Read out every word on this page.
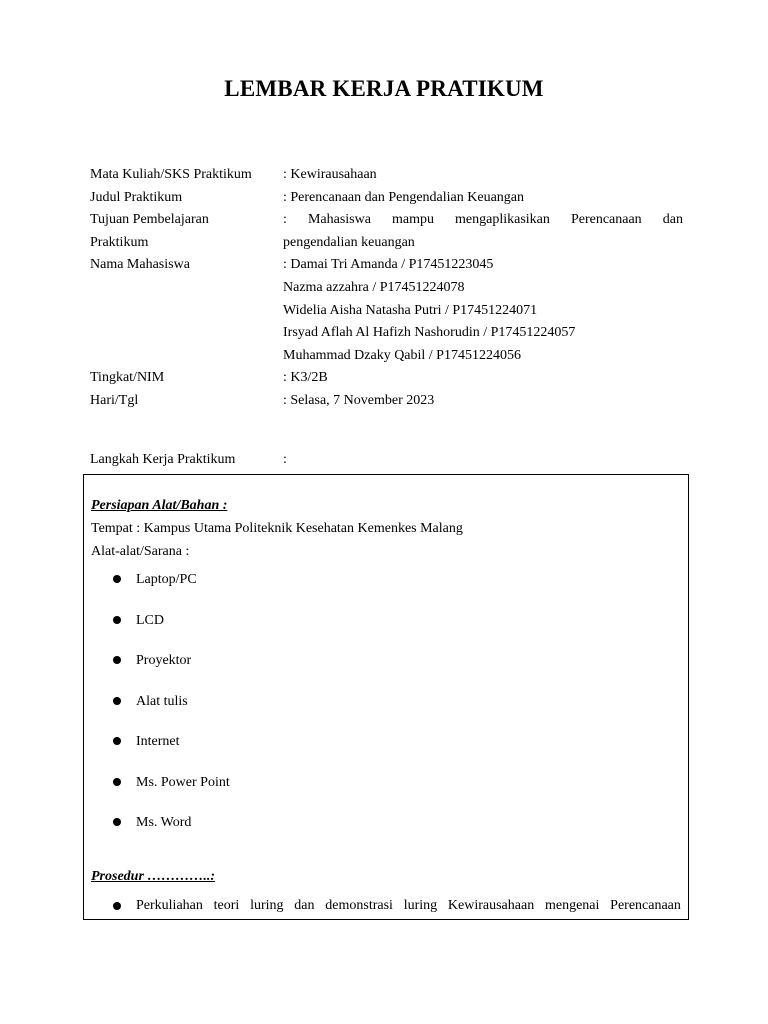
LEMBAR KERJA PRATIKUM
Mata Kuliah/SKS Praktikum	: Kewirausahaan
Judul Praktikum	: Perencanaan dan Pengendalian Keuangan
Tujuan Pembelajaran	: Mahasiswa mampu mengaplikasikan Perencanaan dan
Praktikum	pengendalian keuangan
Nama Mahasiswa	: Damai Tri Amanda / P17451223045
Nazma azzahra / P17451224078
Widelia Aisha Natasha Putri / P17451224071
Irsyad Aflah Al Hafizh Nashorudin / P17451224057
Muhammad Dzaky Qabil / P17451224056
Tingkat/NIM	: K3/2B
Hari/Tgl	: Selasa, 7 November 2023
Langkah Kerja Praktikum	:
Persiapan Alat/Bahan :
Tempat : Kampus Utama Politeknik Kesehatan Kemenkes Malang
Alat-alat/Sarana :
Laptop/PC
LCD
Proyektor
Alat tulis
Internet
Ms. Power Point
Ms. Word
Prosedur …………..:
Perkuliahan teori luring dan demonstrasi luring Kewirausahaan mengenai Perencanaan
